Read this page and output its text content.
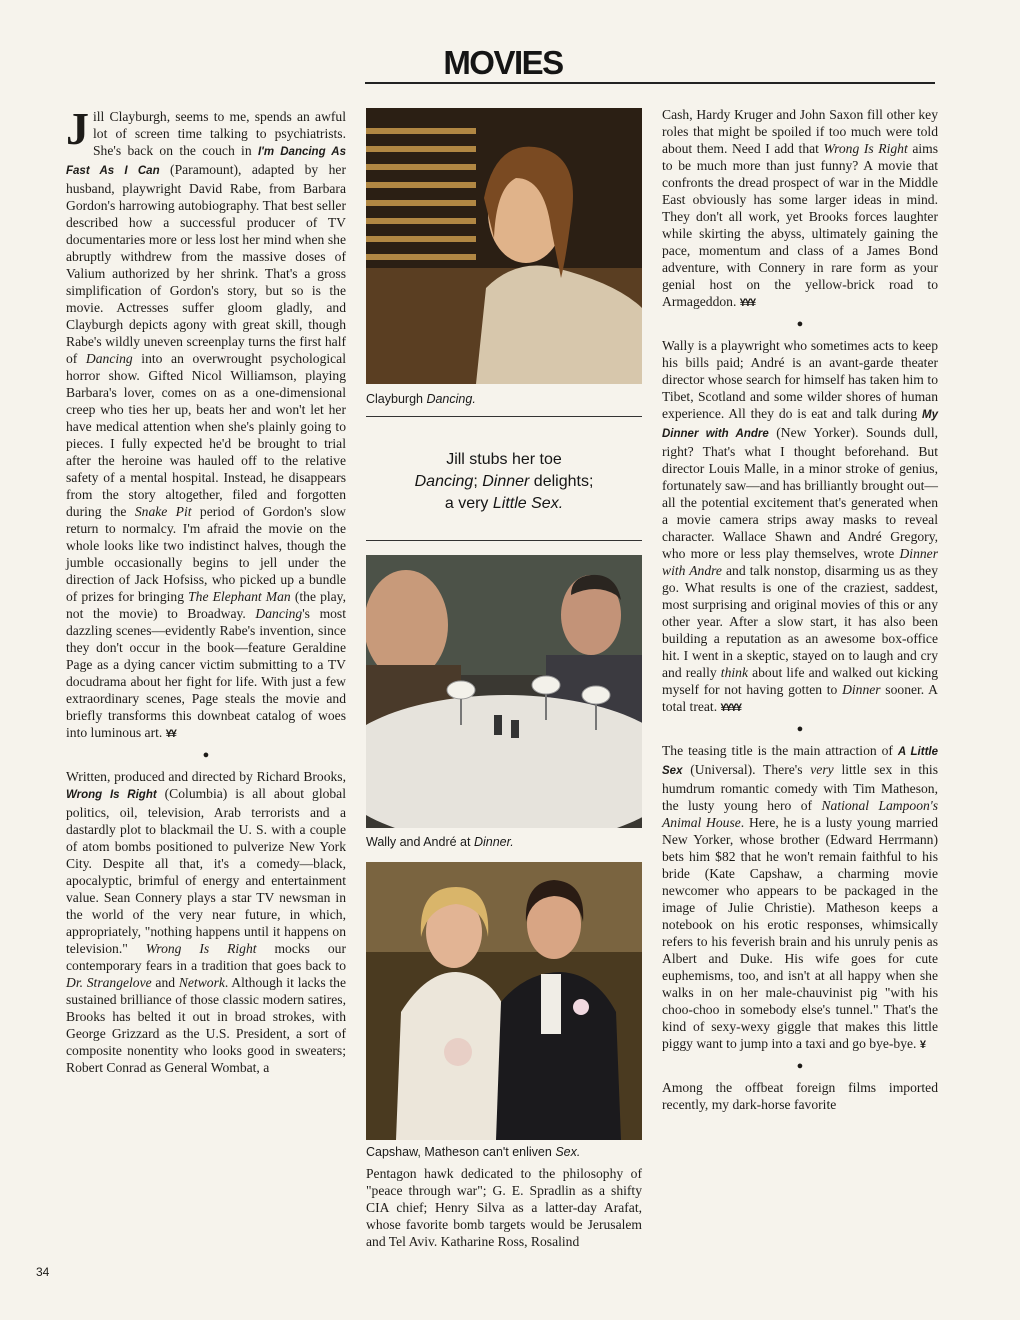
MOVIES

Jill Clayburgh, seems to me, spends an awful lot of screen time talking to psychiatrists. She's back on the couch in I'm Dancing As Fast As I Can (Paramount), adapted by her husband, playwright David Rabe, from Barbara Gordon's harrowing autobiography. That best seller described how a successful producer of TV documentaries more or less lost her mind when she abruptly withdrew from the massive doses of Valium authorized by her shrink. That's a gross simplification of Gordon's story, but so is the movie. Actresses suffer gloom gladly, and Clayburgh depicts agony with great skill, though Rabe's wildly uneven screenplay turns the first half of Dancing into an overwrought psychological horror show. Gifted Nicol Williamson, playing Barbara's lover, comes on as a one-dimensional creep who ties her up, beats her and won't let her have medical attention when she's plainly going to pieces. I fully expected he'd be brought to trial after the heroine was hauled off to the relative safety of a mental hospital. Instead, he disappears from the story altogether, filed and forgotten during the Snake Pit period of Gordon's slow return to normalcy. I'm afraid the movie on the whole looks like two indistinct halves, though the jumble occasionally begins to jell under the direction of Jack Hofsiss, who picked up a bundle of prizes for bringing The Elephant Man (the play, not the movie) to Broadway. Dancing's most dazzling scenes—evidently Rabe's invention, since they don't occur in the book—feature Geraldine Page as a dying cancer victim submitting to a TV docudrama about her fight for life. With just a few extraordinary scenes, Page steals the movie and briefly transforms this downbeat catalog of woes into luminous art. ¥¥

●

Written, produced and directed by Richard Brooks, Wrong Is Right (Columbia) is all about global politics, oil, television, Arab terrorists and a dastardly plot to blackmail the U. S. with a couple of atom bombs positioned to pulverize New York City. Despite all that, it's a comedy—black, apocalyptic, brimful of energy and entertainment value. Sean Connery plays a star TV newsman in the world of the very near future, in which, appropriately, "nothing happens until it happens on television." Wrong Is Right mocks our contemporary fears in a tradition that goes back to Dr. Strangelove and Network. Although it lacks the sustained brilliance of those classic modern satires, Brooks has belted it out in broad strokes, with George Grizzard as the U.S. President, a sort of composite nonentity who looks good in sweaters; Robert Conrad as General Wombat, a

Clayburgh Dancing.
Jill stubs her toe
Dancing; Dinner delights;
a very Little Sex.
Wally and André at Dinner.
Capshaw, Matheson can't enliven Sex.
Pentagon hawk dedicated to the philosophy of "peace through war"; G. E. Spradlin as a shifty CIA chief; Henry Silva as a latter-day Arafat, whose favorite bomb targets would be Jerusalem and Tel Aviv. Katharine Ross, Rosalind

Cash, Hardy Kruger and John Saxon fill other key roles that might be spoiled if too much were told about them. Need I add that Wrong Is Right aims to be much more than just funny? A movie that confronts the dread prospect of war in the Middle East obviously has some larger ideas in mind. They don't all work, yet Brooks forces laughter while skirting the abyss, ultimately gaining the pace, momentum and class of a James Bond adventure, with Connery in rare form as your genial host on the yellow-brick road to Armageddon. ¥¥¥

●

Wally is a playwright who sometimes acts to keep his bills paid; André is an avant-garde theater director whose search for himself has taken him to Tibet, Scotland and some wilder shores of human experience. All they do is eat and talk during My Dinner with Andre (New Yorker). Sounds dull, right? That's what I thought beforehand. But director Louis Malle, in a minor stroke of genius, fortunately saw—and has brilliantly brought out—all the potential excitement that's generated when a movie camera strips away masks to reveal character. Wallace Shawn and André Gregory, who more or less play themselves, wrote Dinner with Andre and talk nonstop, disarming us as they go. What results is one of the craziest, saddest, most surprising and original movies of this or any other year. After a slow start, it has also been building a reputation as an awesome box-office hit. I went in a skeptic, stayed on to laugh and cry and really think about life and walked out kicking myself for not having gotten to Dinner sooner. A total treat. ¥¥¥¥

●

The teasing title is the main attraction of A Little Sex (Universal). There's very little sex in this humdrum romantic comedy with Tim Matheson, the lusty young hero of National Lampoon's Animal House. Here, he is a lusty young married New Yorker, whose brother (Edward Herrmann) bets him $82 that he won't remain faithful to his bride (Kate Capshaw, a charming movie newcomer who appears to be packaged in the image of Julie Christie). Matheson keeps a notebook on his erotic responses, whimsically refers to his feverish brain and his unruly penis as Albert and Duke. His wife goes for cute euphemisms, too, and isn't at all happy when she walks in on her male-chauvinist pig "with his choo-choo in somebody else's tunnel." That's the kind of sexy-wexy giggle that makes this little piggy want to jump into a taxi and go bye-bye. ¥

●

Among the offbeat foreign films imported recently, my dark-horse favorite

34
